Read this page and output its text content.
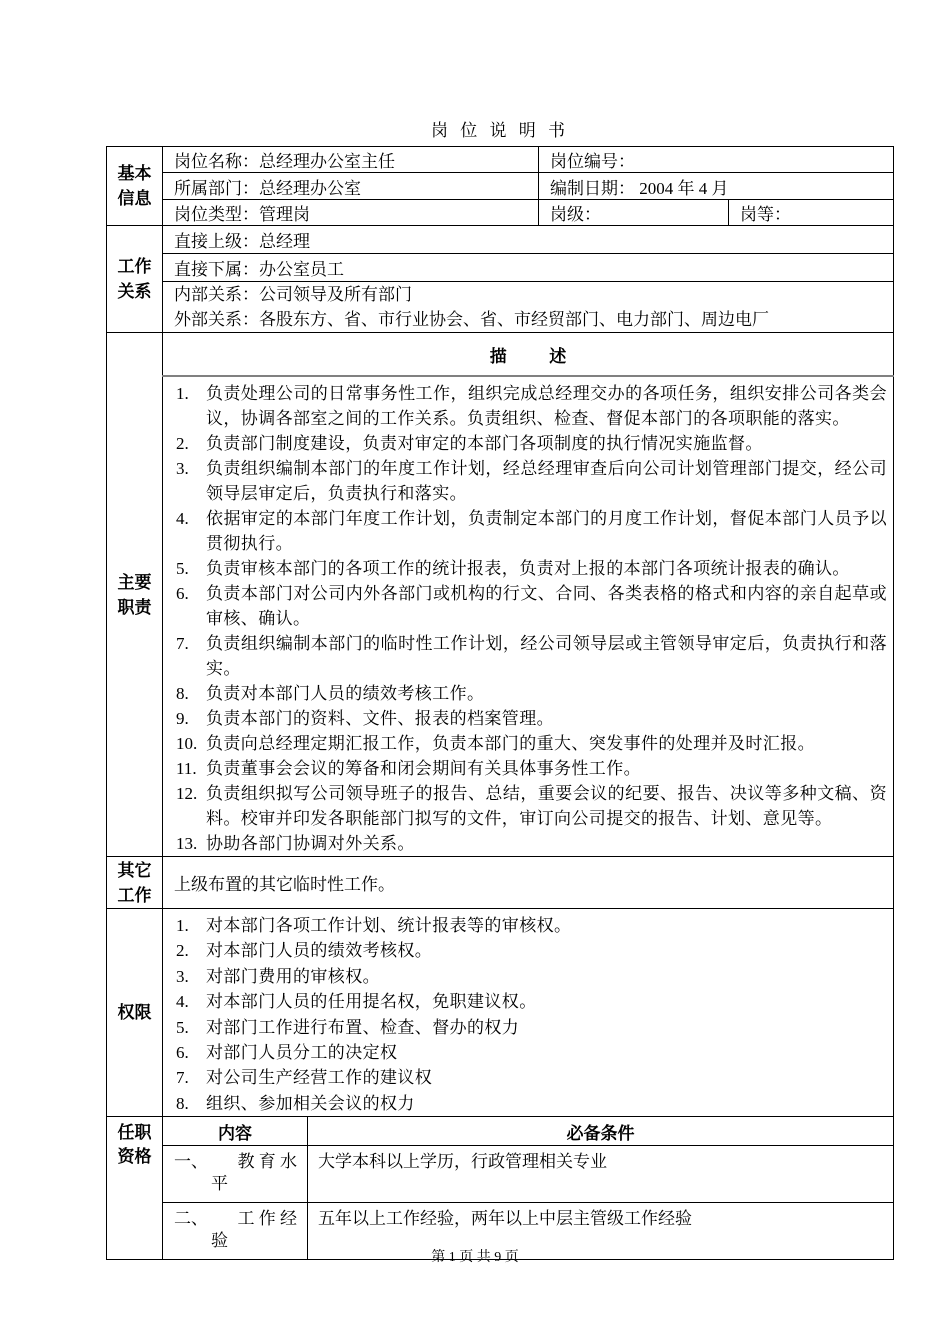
岗 位 说 明 书
基本信息	岗位名称：总经理办公室主任		岗位编号：	
	所属部门：总经理办公室		编制日期： 2004 年 4 月	
	岗位类型：管理岗		岗级：	岗等：
工作关系	直接上级：总经理			
	直接下属：办公室员工			

	内部关系：公司领导及所有部门
外部关系：各股东方、省、市行业协会、省、市经贸部门、电力部门、周边电厂			

主要职责	描          述			

1. 负责处理公司的日常事务性工作，组织完成总经理交办的各项任务，组织安排公司各类会议，协调各部室之间的工作关系。负责组织、检查、督促本部门的各项职能的落实。
2. 负责部门制度建设，负责对审定的本部门各项制度的执行情况实施监督。
3. 负责组织编制本部门的年度工作计划，经总经理审查后向公司计划管理部门提交，经公司领导层审定后，负责执行和落实。
4. 依据审定的本部门年度工作计划，负责制定本部门的月度工作计划，督促本部门人员予以贯彻执行。
5. 负责审核本部门的各项工作的统计报表，负责对上报的本部门各项统计报表的确认。
6. 负责本部门对公司内外各部门或机构的行文、合同、各类表格的格式和内容的亲自起草或审核、确认。
7. 负责组织编制本部门的临时性工作计划，经公司领导层或主管领导审定后，负责执行和落实。
8. 负责对本部门人员的绩效考核工作。
9. 负责本部门的资料、文件、报表的档案管理。
10. 负责向总经理定期汇报工作，负责本部门的重大、突发事件的处理并及时汇报。
11. 负责董事会会议的筹备和闭会期间有关具体事务性工作。
12. 负责组织拟写公司领导班子的报告、总结，重要会议的纪要、报告、决议等多种文稿、资料。校审并印发各职能部门拟写的文件，审订向公司提交的报告、计划、意见等。
13. 协助各部门协调对外关系。

其它工作	上级布置的其它临时性工作。			
权限	
1. 对本部门各项工作计划、统计报表等的审核权。
2. 对本部门人员的绩效考核权。
3. 对部门费用的审核权。
4. 对本部门人员的任用提名权，免职建议权。
5. 对部门工作进行布置、检查、督办的权力
6. 对部门人员分工的决定权
7. 对公司生产经营工作的建议权
8. 组织、参加相关会议的权力

任职资格	内容	必备条件		

	一、 教 育 水
平	大学本科以上学历，行政管理相关专业		

	二、 工 作 经
验	五年以上工作经验，两年以上中层主管级工作经验		
第 1 页 共 9 页
